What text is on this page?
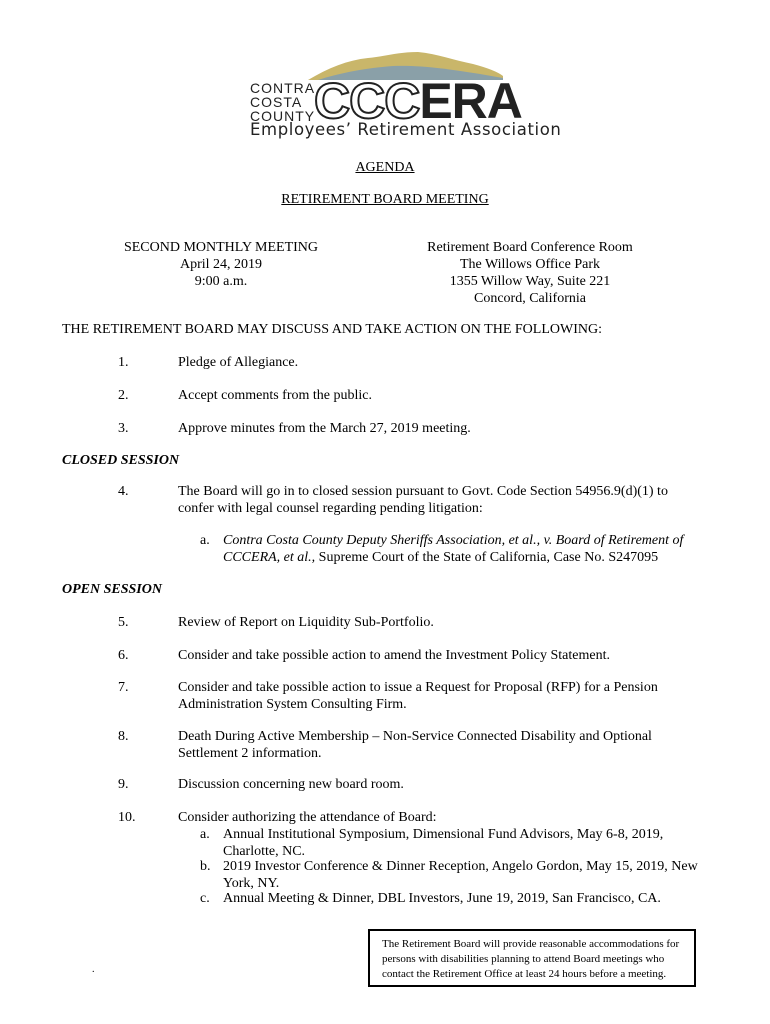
CONTRA
COSTA
COUNTY
CCCERA
Employees’ Retirement Association
AGENDA
RETIREMENT BOARD MEETING
SECOND MONTHLY MEETING
April 24, 2019
9:00 a.m.
Retirement Board Conference Room
The Willows Office Park
1355 Willow Way, Suite 221
Concord, California
THE RETIREMENT BOARD MAY DISCUSS AND TAKE ACTION ON THE FOLLOWING:
1.	Pledge of Allegiance.
2.	Accept comments from the public.
3.	Approve minutes from the March 27, 2019 meeting.
CLOSED SESSION
4.	The Board will go in to closed session pursuant to Govt. Code Section 54956.9(d)(1) to confer with legal counsel regarding pending litigation:
a. Contra Costa County Deputy Sheriffs Association, et al., v. Board of Retirement of CCCERA, et al., Supreme Court of the State of California, Case No. S247095
OPEN SESSION
5.	Review of Report on Liquidity Sub-Portfolio.
6.	Consider and take possible action to amend the Investment Policy Statement.
7.	Consider and take possible action to issue a Request for Proposal (RFP) for a Pension Administration System Consulting Firm.
8.	Death During Active Membership – Non-Service Connected Disability and Optional Settlement 2 information.
9.	Discussion concerning new board room.
10.	Consider authorizing the attendance of Board:
a. Annual Institutional Symposium, Dimensional Fund Advisors, May 6-8, 2019, Charlotte, NC.
b. 2019 Investor Conference & Dinner Reception, Angelo Gordon, May 15, 2019, New York, NY.
c. Annual Meeting & Dinner, DBL Investors, June 19, 2019, San Francisco, CA.
The Retirement Board will provide reasonable accommodations for persons with disabilities planning to attend Board meetings who contact the Retirement Office at least 24 hours before a meeting.
.
